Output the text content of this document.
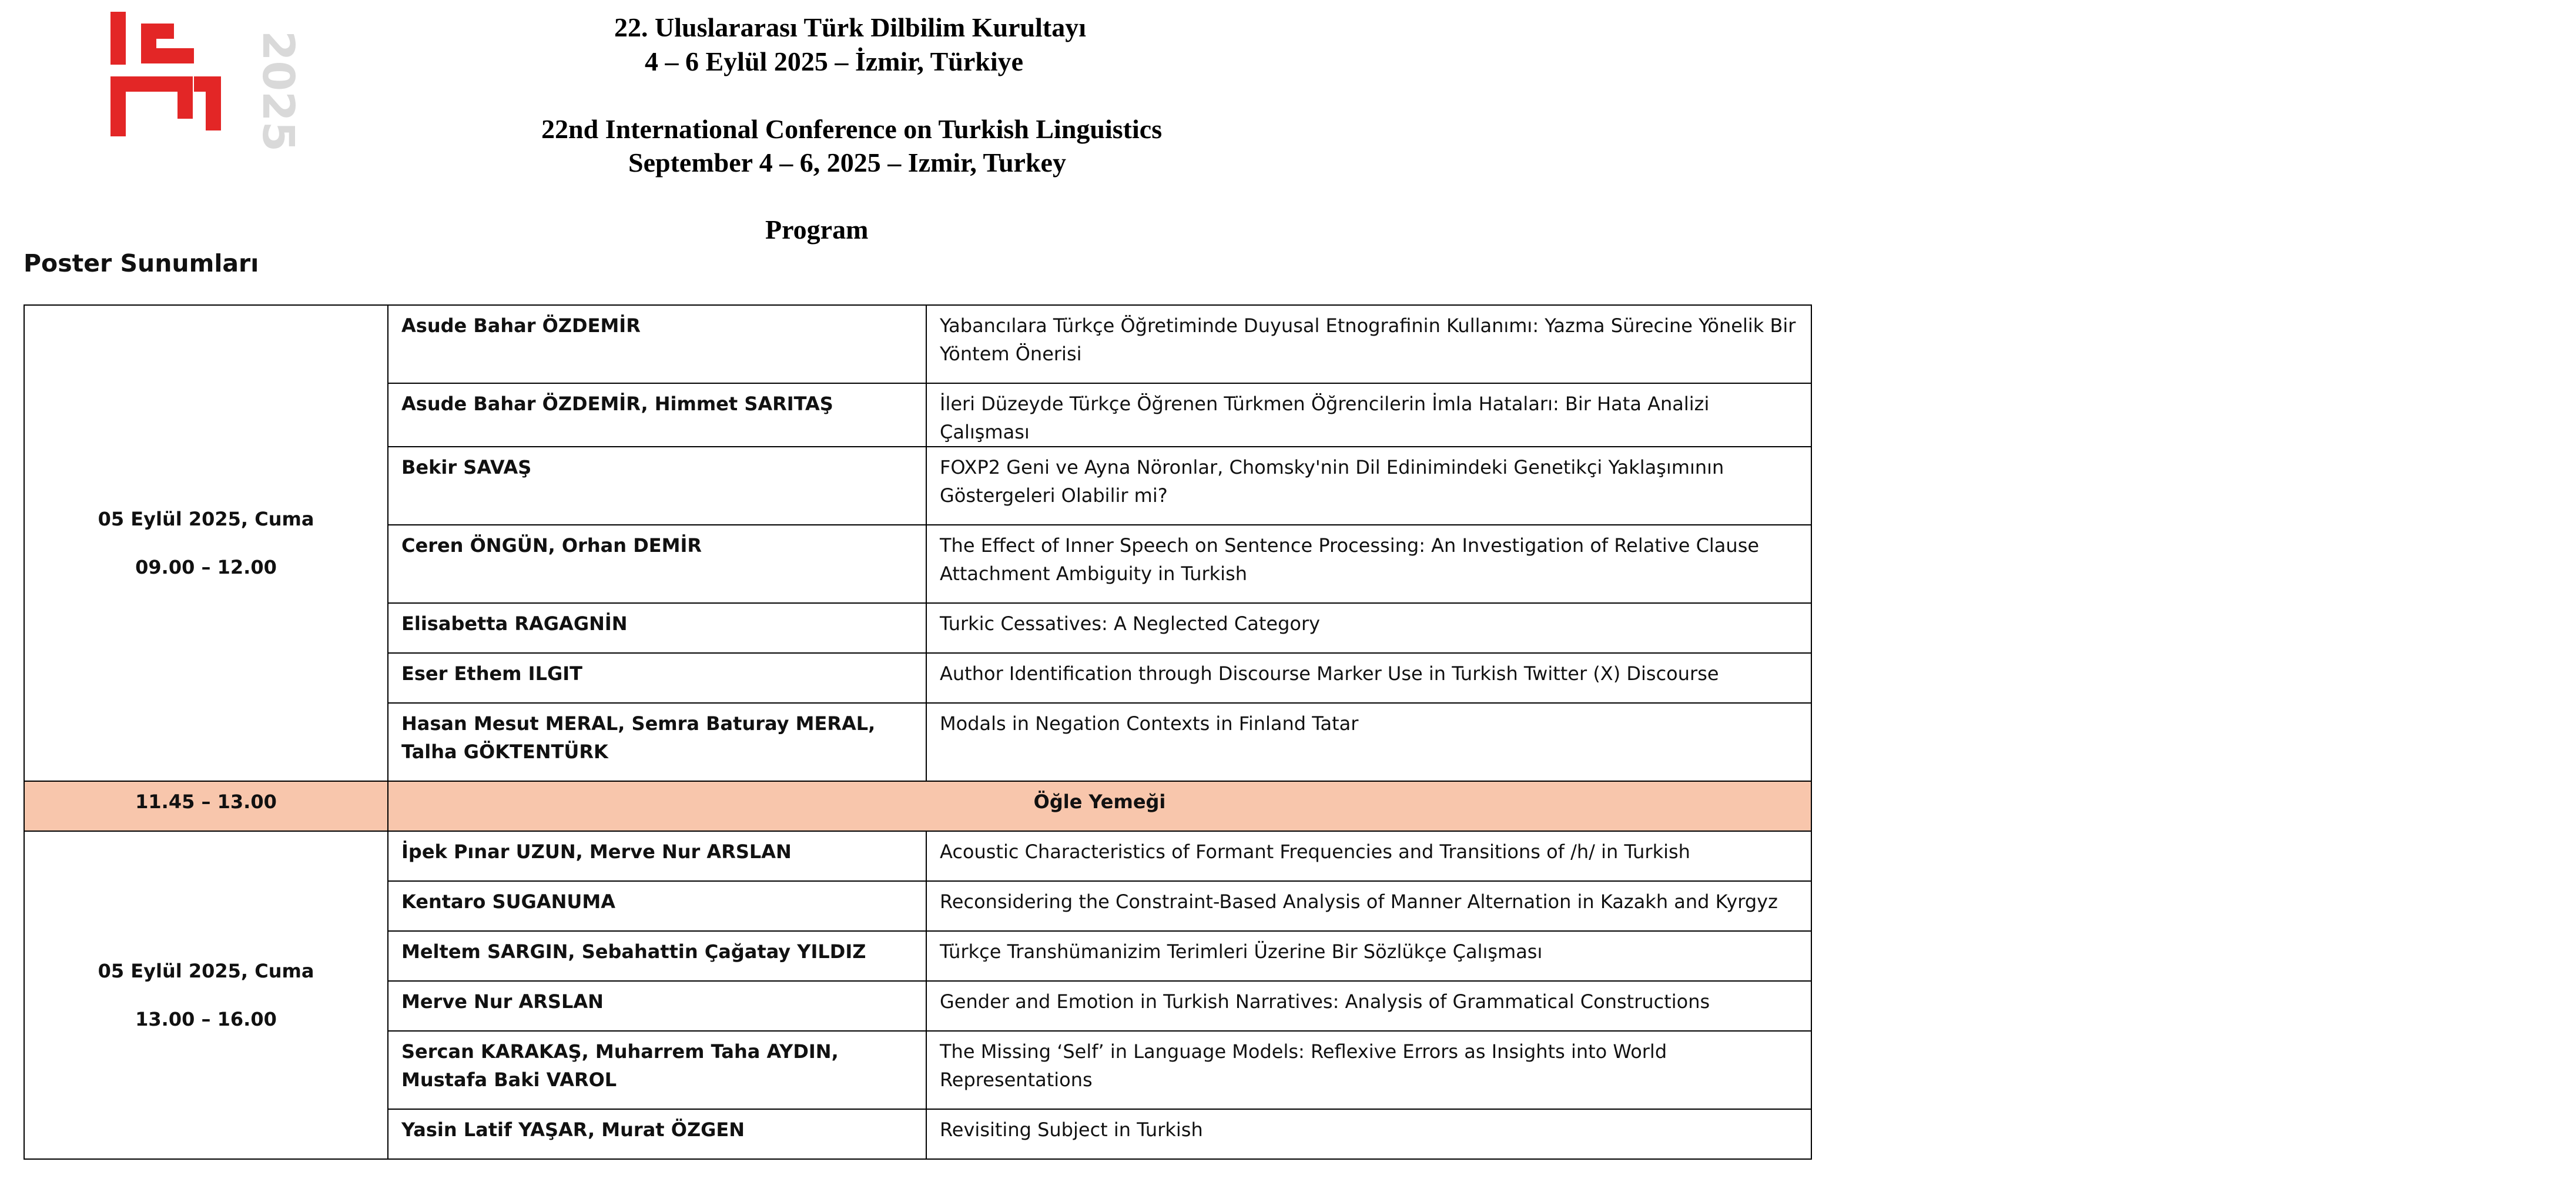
2025
22. Uluslararası Türk Dilbilim Kurultayı
4 – 6 Eylül 2025 – İzmir, Türkiye
22nd International Conference on Turkish Linguistics
September 4 – 6, 2025 – Izmir, Turkey
Program
Poster Sunumları
05 Eylül 2025, Cuma
09.00 – 12.00	Asude Bahar ÖZDEMİR	Yabancılara Türkçe Öğretiminde Duyusal Etnografinin Kullanımı: Yazma Sürecine Yönelik Bir Yöntem Önerisi
	Asude Bahar ÖZDEMİR, Himmet SARITAŞ	İleri Düzeyde Türkçe Öğrenen Türkmen Öğrencilerin İmla Hataları: Bir Hata Analizi Çalışması
	Bekir SAVAŞ	FOXP2 Geni ve Ayna Nöronlar, Chomsky'nin Dil Edinimindeki Genetikçi Yaklaşımının Göstergeleri Olabilir mi?
	Ceren ÖNGÜN, Orhan DEMİR	The Effect of Inner Speech on Sentence Processing: An Investigation of Relative Clause Attachment Ambiguity in Turkish
	Elisabetta RAGAGNİN	Turkic Cessatives: A Neglected Category
	Eser Ethem ILGIT	Author Identification through Discourse Marker Use in Turkish Twitter (X) Discourse
	Hasan Mesut MERAL, Semra Baturay MERAL, Talha GÖKTENTÜRK	Modals in Negation Contexts in Finland Tatar
11.45 – 13.00	Öğle Yemeği	

05 Eylül 2025, Cuma
13.00 – 16.00	İpek Pınar UZUN, Merve Nur ARSLAN	Acoustic Characteristics of Formant Frequencies and Transitions of /h/ in Turkish
	Kentaro SUGANUMA	Reconsidering the Constraint-Based Analysis of Manner Alternation in Kazakh and Kyrgyz
	Meltem SARGIN, Sebahattin Çağatay YILDIZ	Türkçe Transhümanizim Terimleri Üzerine Bir Sözlükçe Çalışması
	Merve Nur ARSLAN	Gender and Emotion in Turkish Narratives: Analysis of Grammatical Constructions
	Sercan KARAKAŞ, Muharrem Taha AYDIN, Mustafa Baki VAROL	The Missing ‘Self’ in Language Models: Reflexive Errors as Insights into World Representations
	Yasin Latif YAŞAR, Murat ÖZGEN	Revisiting Subject in Turkish
